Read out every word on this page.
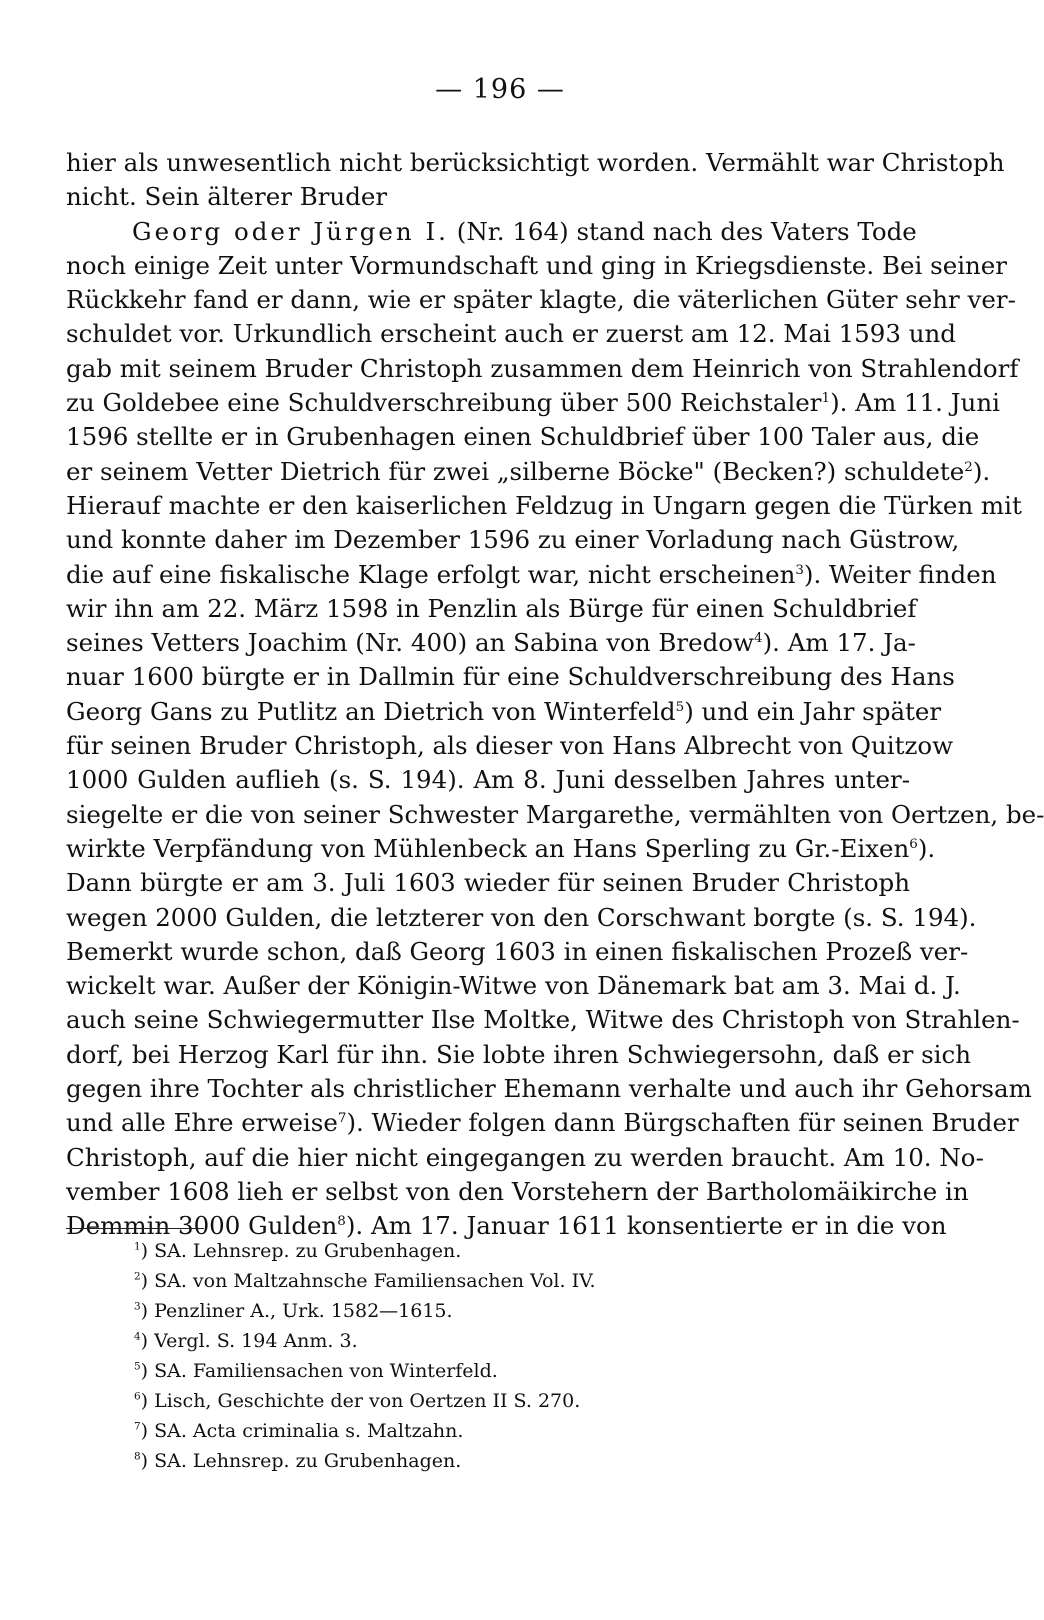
— 196 —
hier als unwesentlich nicht berücksichtigt worden. Vermählt war Christoph
nicht. Sein älterer Bruder
Georg oder Jürgen I. (Nr. 164) stand nach des Vaters Tode
noch einige Zeit unter Vormundschaft und ging in Kriegsdienste. Bei seiner
Rückkehr fand er dann, wie er später klagte, die väterlichen Güter sehr ver-
schuldet vor. Urkundlich erscheint auch er zuerst am 12. Mai 1593 und
gab mit seinem Bruder Christoph zusammen dem Heinrich von Strahlendorf
zu Goldebee eine Schuldverschreibung über 500 Reichstaler$^1$). Am 11. Juni
1596 stellte er in Grubenhagen einen Schuldbrief über 100 Taler aus, die
er seinem Vetter Dietrich für zwei „silberne Böcke" (Becken?) schuldete$^2$).
Hierauf machte er den kaiserlichen Feldzug in Ungarn gegen die Türken mit
und konnte daher im Dezember 1596 zu einer Vorladung nach Güstrow,
die auf eine fiskalische Klage erfolgt war, nicht erscheinen$^3$). Weiter finden
wir ihn am 22. März 1598 in Penzlin als Bürge für einen Schuldbrief
seines Vetters Joachim (Nr. 400) an Sabina von Bredow$^4$). Am 17. Ja-
nuar 1600 bürgte er in Dallmin für eine Schuldverschreibung des Hans
Georg Gans zu Putlitz an Dietrich von Winterfeld$^5$) und ein Jahr später
für seinen Bruder Christoph, als dieser von Hans Albrecht von Quitzow
1000 Gulden auflieh (s. S. 194). Am 8. Juni desselben Jahres unter-
siegelte er die von seiner Schwester Margarethe, vermählten von Oertzen, be-
wirkte Verpfändung von Mühlenbeck an Hans Sperling zu Gr.-Eixen$^6$).
Dann bürgte er am 3. Juli 1603 wieder für seinen Bruder Christoph
wegen 2000 Gulden, die letzterer von den Corschwant borgte (s. S. 194).
Bemerkt wurde schon, daß Georg 1603 in einen fiskalischen Prozeß ver-
wickelt war. Außer der Königin-Witwe von Dänemark bat am 3. Mai d. J.
auch seine Schwiegermutter Ilse Moltke, Witwe des Christoph von Strahlen-
dorf, bei Herzog Karl für ihn. Sie lobte ihren Schwiegersohn, daß er sich
gegen ihre Tochter als christlicher Ehemann verhalte und auch ihr Gehorsam
und alle Ehre erweise$^7$). Wieder folgen dann Bürgschaften für seinen Bruder
Christoph, auf die hier nicht eingegangen zu werden braucht. Am 10. No-
vember 1608 lieh er selbst von den Vorstehern der Bartholomäikirche in
Demmin 3000 Gulden$^8$). Am 17. Januar 1611 konsentierte er in die von
$^1$) SA. Lehnsrep. zu Grubenhagen.
$^2$) SA. von Maltzahnsche Familiensachen Vol. IV.
$^3$) Penzliner A., Urk. 1582—1615.
$^4$) Vergl. S. 194 Anm. 3.
$^5$) SA. Familiensachen von Winterfeld.
$^6$) Lisch, Geschichte der von Oertzen II S. 270.
$^7$) SA. Acta criminalia s. Maltzahn.
$^8$) SA. Lehnsrep. zu Grubenhagen.
